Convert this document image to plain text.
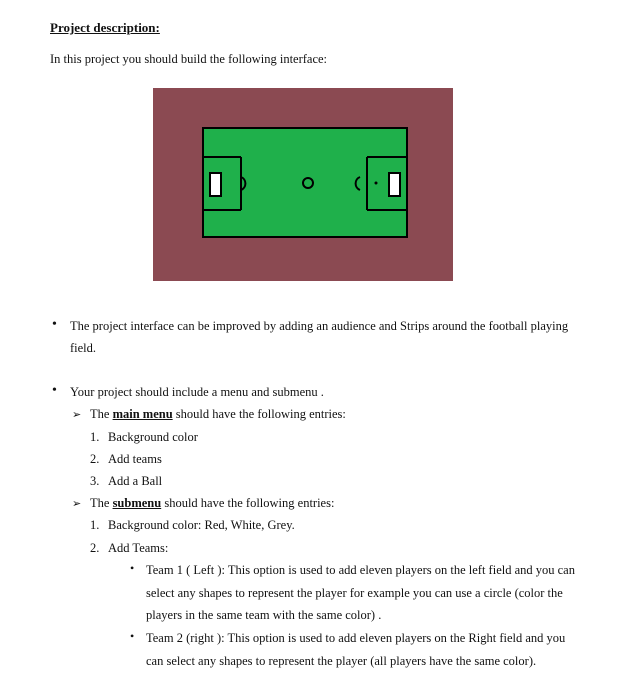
Project description:
In this project you should build the following interface:
• The project interface can be improved by adding an audience and Strips around the football playing
field.
• Your project should include a menu and submenu .
➢ The main menu should have the following entries:
1. Background color
2. Add teams
3. Add a Ball
➢ The submenu should have the following entries:
1. Background color: Red, White, Grey.
2. Add Teams:
• Team 1 ( Left ): This option is used to add eleven players on the left field and you can
select any shapes to represent the player for example you can use a circle (color the
players in the same team with the same color) .
• Team 2 (right ): This option is used to add eleven players on the Right field and you
can select any shapes to represent the player (all players have the same color).
